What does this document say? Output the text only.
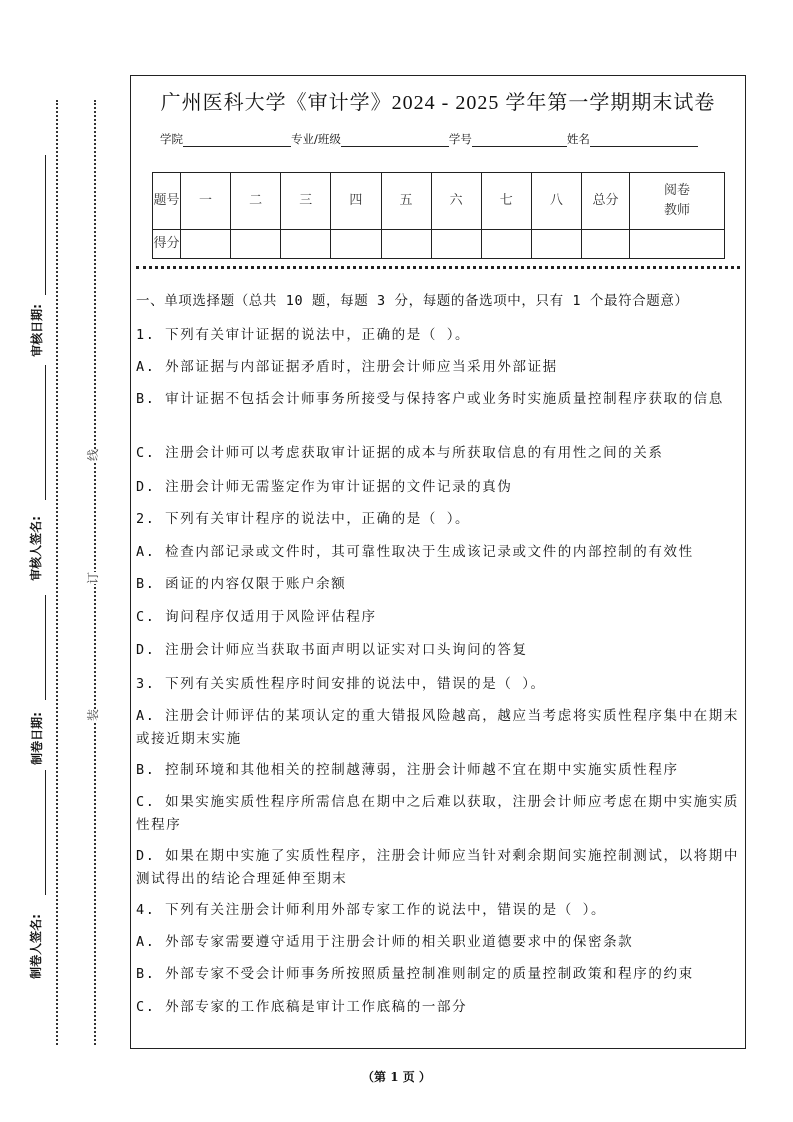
审核日期:
审核人签名:
制卷日期:
制卷人签名:
线
订
装
广州医科大学《审计学》2024 - 2025 学年第一学期期末试卷
学院	专业/班级	学号	姓名
题号	一	二	三	四	五	六	七	八	总分	阅卷教师
得分										
一、单项选择题（总共 10 题，每题 3 分，每题的备选项中，只有 1 个最符合题意）
1. 下列有关审计证据的说法中，正确的是（ ）。
A. 外部证据与内部证据矛盾时，注册会计师应当采用外部证据
B. 审计证据不包括会计师事务所接受与保持客户或业务时实施质量控制程序获取的信息
C. 注册会计师可以考虑获取审计证据的成本与所获取信息的有用性之间的关系
D. 注册会计师无需鉴定作为审计证据的文件记录的真伪
2. 下列有关审计程序的说法中，正确的是（ ）。
A. 检查内部记录或文件时，其可靠性取决于生成该记录或文件的内部控制的有效性
B. 函证的内容仅限于账户余额
C. 询问程序仅适用于风险评估程序
D. 注册会计师应当获取书面声明以证实对口头询问的答复
3. 下列有关实质性程序时间安排的说法中，错误的是（ ）。
A. 注册会计师评估的某项认定的重大错报风险越高，越应当考虑将实质性程序集中在期末或接近期末实施
B. 控制环境和其他相关的控制越薄弱，注册会计师越不宜在期中实施实质性程序
C. 如果实施实质性程序所需信息在期中之后难以获取，注册会计师应考虑在期中实施实质性程序
D. 如果在期中实施了实质性程序，注册会计师应当针对剩余期间实施控制测试，以将期中测试得出的结论合理延伸至期末
4. 下列有关注册会计师利用外部专家工作的说法中，错误的是（ ）。
A. 外部专家需要遵守适用于注册会计师的相关职业道德要求中的保密条款
B. 外部专家不受会计师事务所按照质量控制准则制定的质量控制政策和程序的约束
C. 外部专家的工作底稿是审计工作底稿的一部分
（第 1 页 ）
